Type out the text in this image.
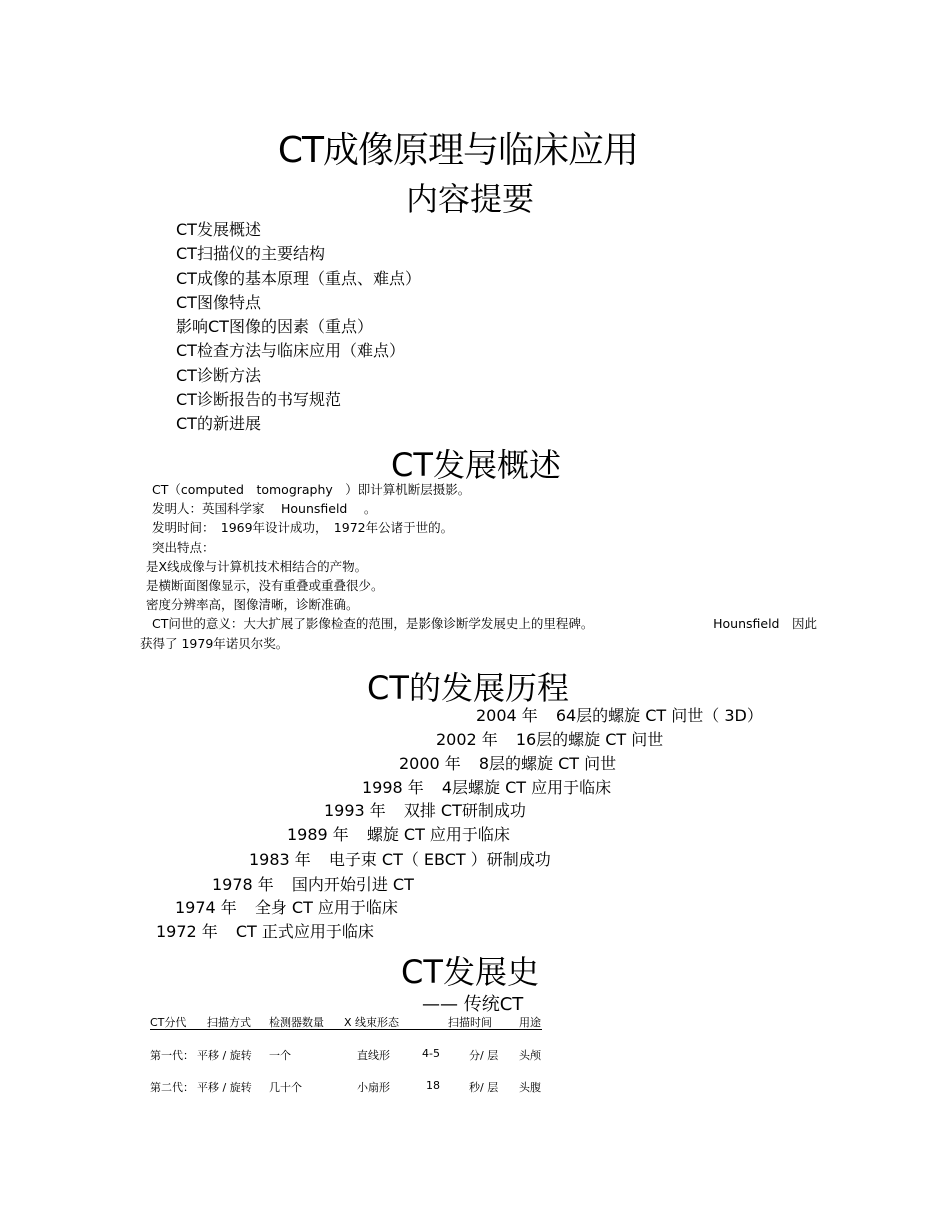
CT成像原理与临床应用
内容提要
CT发展概述
CT扫描仪的主要结构
CT成像的基本原理（重点、难点）
CT图像特点
影响CT图像的因素（重点）
CT检查方法与临床应用（难点）
CT诊断方法
CT诊断报告的书写规范
CT的新进展
CT发展概述
CT（computed　tomography　）即计算机断层摄影。
发明人：英国科学家　 Hounsfield　 。
发明时间：　1969年设计成功，　1972年公诸于世的。
突出特点：
是X线成像与计算机技术相结合的产物。
是横断面图像显示，没有重叠或重叠很少。
密度分辨率高，图像清晰，诊断准确。
CT问世的意义：大大扩展了影像检查的范围，是影像诊断学发展史上的里程碑。	Hounsfield　因此
获得了 1979年诺贝尔奖。
CT的发展历程
2004 年 64层的螺旋 CT 问世（ 3D）
2002 年 16层的螺旋 CT 问世
2000 年 8层的螺旋 CT 问世
1998 年 4层螺旋 CT 应用于临床
1993 年 双排 CT研制成功
1989 年 螺旋 CT 应用于临床
1983 年 电子束 CT（ EBCT ）研制成功
1978 年 国内开始引进 CT
1974 年 全身 CT 应用于临床
1972 年 CT 正式应用于临床
CT发展史
—— 传统CT
CT分代 扫描方式 检测器数量 X 线束形态	扫描时间 用途
第一代： 平移 / 旋转 一个	直线形	4-5	分/ 层 头颅
第二代： 平移 / 旋转 几十个	小扇形	18	秒/ 层 头腹
